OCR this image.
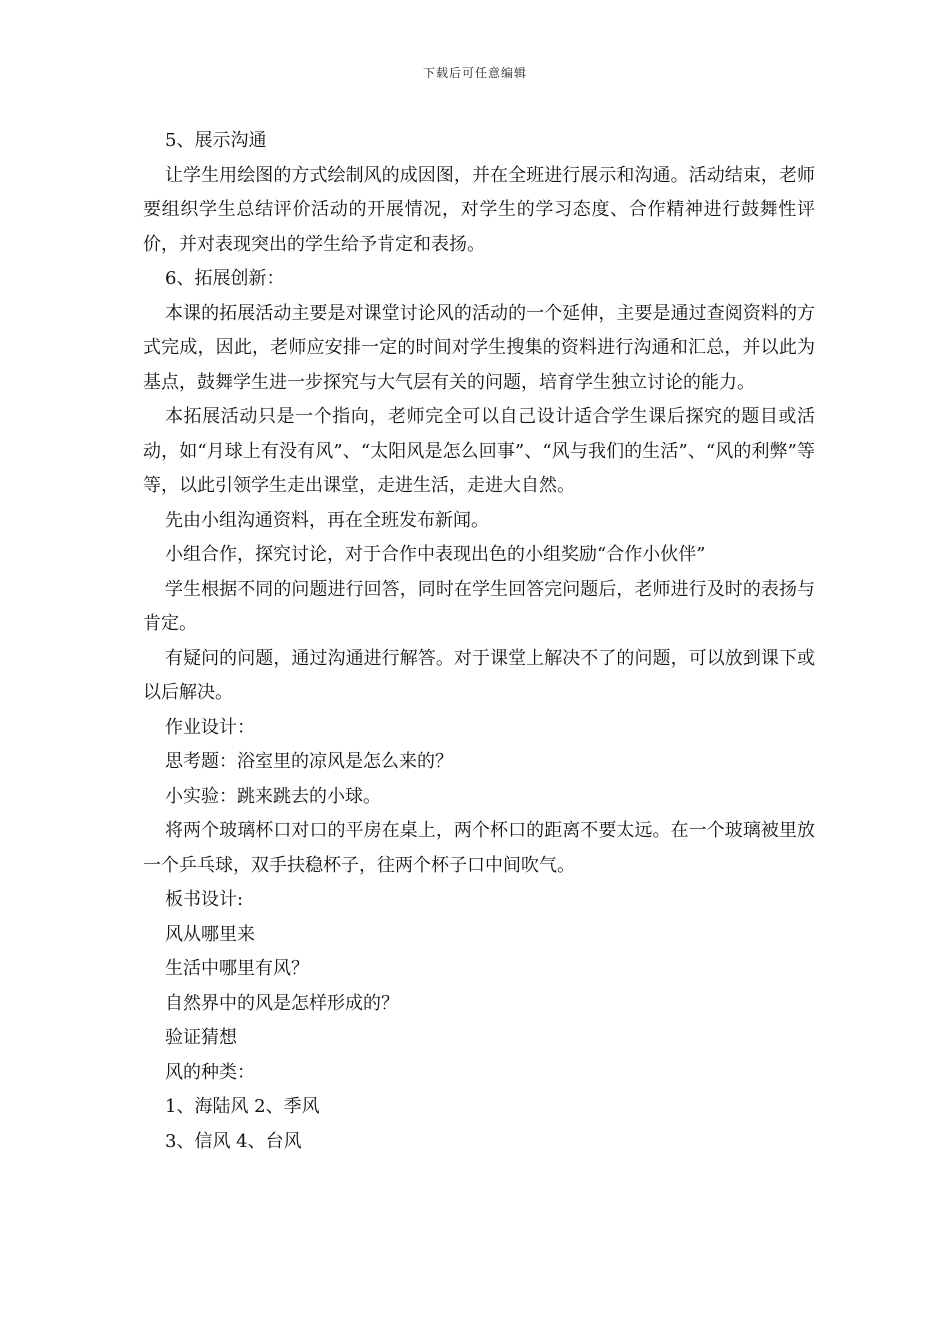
下载后可任意编辑

5、展示沟通

让学生用绘图的方式绘制风的成因图，并在全班进行展示和沟通。活动结束，老师要组织学生总结评价活动的开展情况，对学生的学习态度、合作精神进行鼓舞性评价，并对表现突出的学生给予肯定和表扬。

6、拓展创新：

本课的拓展活动主要是对课堂讨论风的活动的一个延伸，主要是通过查阅资料的方式完成，因此，老师应安排一定的时间对学生搜集的资料进行沟通和汇总，并以此为基点，鼓舞学生进一步探究与大气层有关的问题，培育学生独立讨论的能力。

本拓展活动只是一个指向，老师完全可以自己设计适合学生课后探究的题目或活动，如“月球上有没有风”、“太阳风是怎么回事”、“风与我们的生活”、“风的利弊”等等，以此引领学生走出课堂，走进生活，走进大自然。

先由小组沟通资料，再在全班发布新闻。

小组合作，探究讨论，对于合作中表现出色的小组奖励“合作小伙伴”

学生根据不同的问题进行回答，同时在学生回答完问题后，老师进行及时的表扬与肯定。

有疑问的问题，通过沟通进行解答。对于课堂上解决不了的问题，可以放到课下或以后解决。

作业设计：

思考题：浴室里的凉风是怎么来的？

小实验：跳来跳去的小球。

将两个玻璃杯口对口的平房在桌上，两个杯口的距离不要太远。在一个玻璃被里放一个乒乓球，双手扶稳杯子，往两个杯子口中间吹气。

板书设计:

风从哪里来

生活中哪里有风？

自然界中的风是怎样形成的？

验证猜想

风的种类：

1、海陆风 2、季风

3、信风 4、台风
